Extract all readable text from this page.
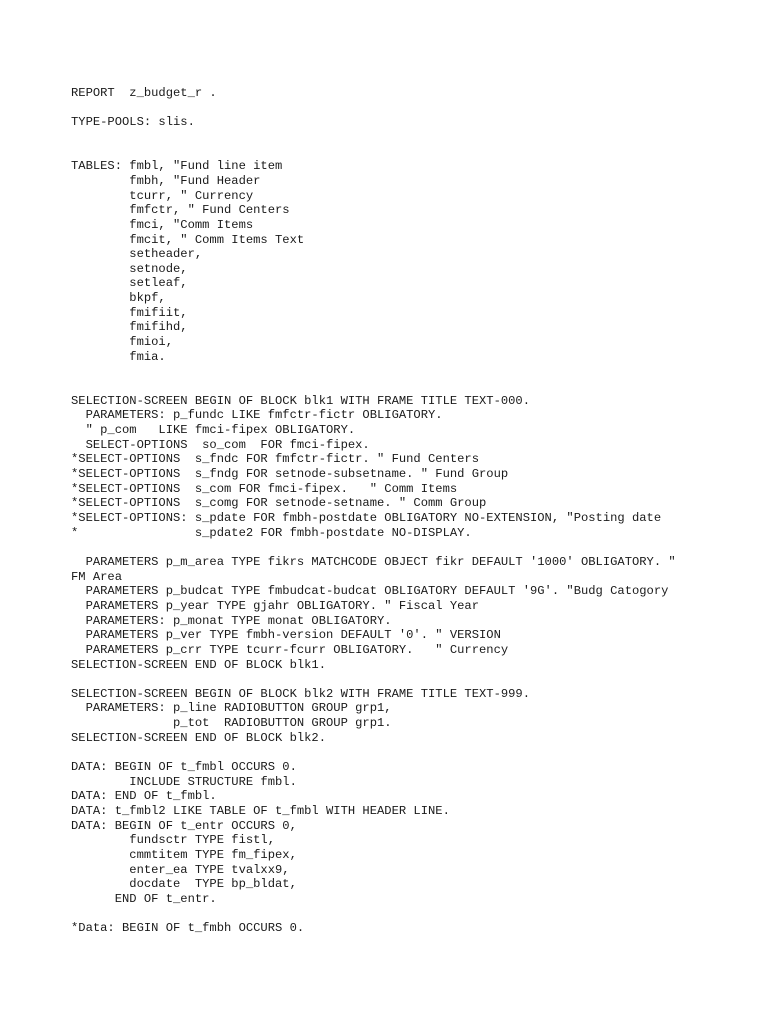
REPORT  z_budget_r .
TYPE-POOLS: slis.
TABLES: fmbl, "Fund line item
fmbh, "Fund Header
tcurr, " Currency
fmfctr, " Fund Centers
fmci, "Comm Items
fmcit, " Comm Items Text
setheader,
setnode,
setleaf,
bkpf,
fmifiit,
fmifihd,
fmioi,
fmia.
SELECTION-SCREEN BEGIN OF BLOCK blk1 WITH FRAME TITLE TEXT-000.
PARAMETERS: p_fundc LIKE fmfctr-fictr OBLIGATORY.
" p_com   LIKE fmci-fipex OBLIGATORY.
SELECT-OPTIONS  so_com  FOR fmci-fipex.
*SELECT-OPTIONS  s_fndc FOR fmfctr-fictr. " Fund Centers
*SELECT-OPTIONS  s_fndg FOR setnode-subsetname. " Fund Group
*SELECT-OPTIONS  s_com FOR fmci-fipex.   " Comm Items
*SELECT-OPTIONS  s_comg FOR setnode-setname. " Comm Group
*SELECT-OPTIONS: s_pdate FOR fmbh-postdate OBLIGATORY NO-EXTENSION, "Posting date
*                s_pdate2 FOR fmbh-postdate NO-DISPLAY.
PARAMETERS p_m_area TYPE fikrs MATCHCODE OBJECT fikr DEFAULT '1000' OBLIGATORY. "
FM Area
PARAMETERS p_budcat TYPE fmbudcat-budcat OBLIGATORY DEFAULT '9G'. "Budg Catogory
PARAMETERS p_year TYPE gjahr OBLIGATORY. " Fiscal Year
PARAMETERS: p_monat TYPE monat OBLIGATORY.
PARAMETERS p_ver TYPE fmbh-version DEFAULT '0'. " VERSION
PARAMETERS p_crr TYPE tcurr-fcurr OBLIGATORY.   " Currency
SELECTION-SCREEN END OF BLOCK blk1.
SELECTION-SCREEN BEGIN OF BLOCK blk2 WITH FRAME TITLE TEXT-999.
PARAMETERS: p_line RADIOBUTTON GROUP grp1,
p_tot  RADIOBUTTON GROUP grp1.
SELECTION-SCREEN END OF BLOCK blk2.
DATA: BEGIN OF t_fmbl OCCURS 0.
INCLUDE STRUCTURE fmbl.
DATA: END OF t_fmbl.
DATA: t_fmbl2 LIKE TABLE OF t_fmbl WITH HEADER LINE.
DATA: BEGIN OF t_entr OCCURS 0,
fundsctr TYPE fistl,
cmmtitem TYPE fm_fipex,
enter_ea TYPE tvalxx9,
docdate  TYPE bp_bldat,
END OF t_entr.
*Data: BEGIN OF t_fmbh OCCURS 0.
